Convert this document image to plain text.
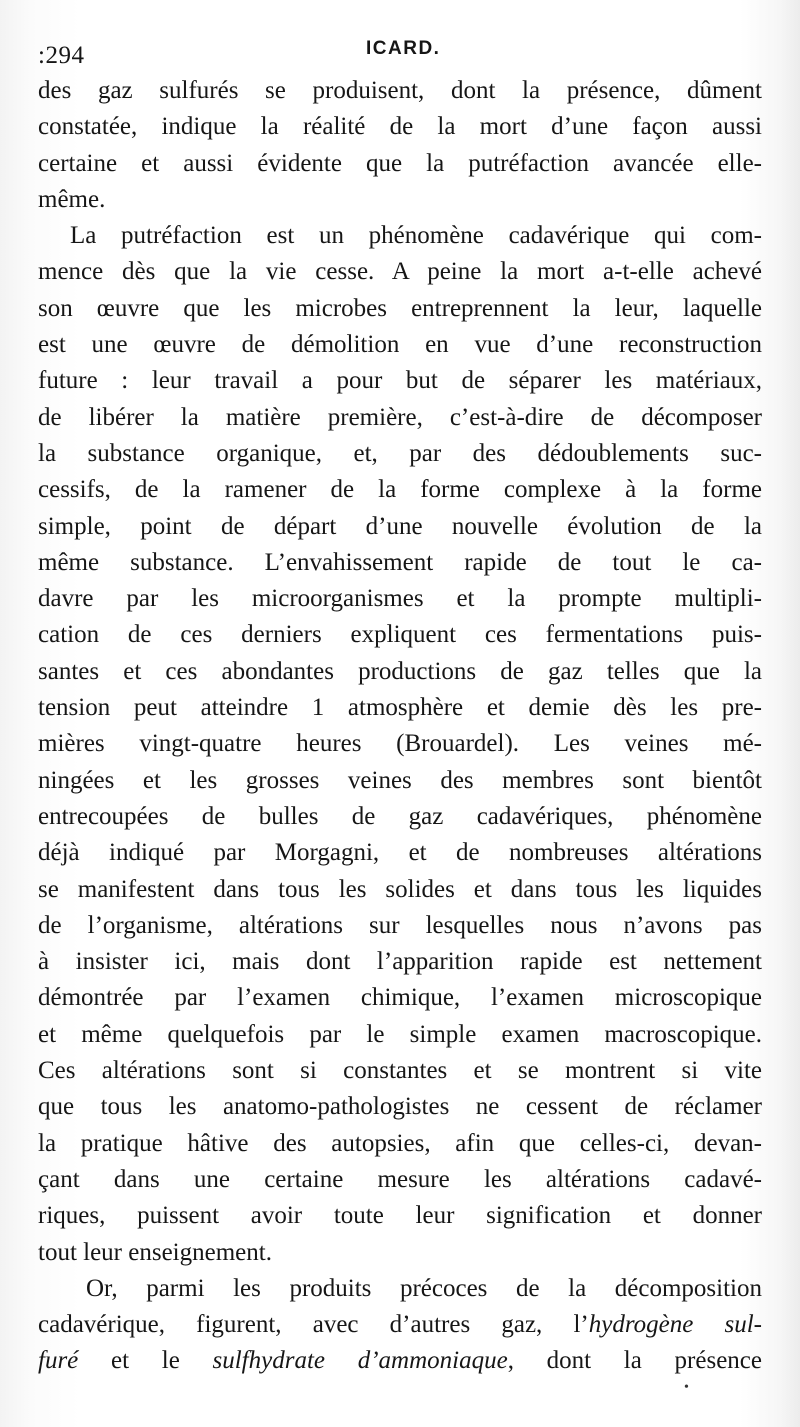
:294	ICARD.
des gaz sulfurés se produisent, dont la présence, dûment
constatée, indique la réalité de la mort d’une façon aussi
certaine et aussi évidente que la putréfaction avancée elle-
même.
La putréfaction est un phénomène cadavérique qui com-
mence dès que la vie cesse. A peine la mort a-t-elle achevé
son œuvre que les microbes entreprennent la leur, laquelle
est une œuvre de démolition en vue d’une reconstruction
future : leur travail a pour but de séparer les matériaux,
de libérer la matière première, c’est-à-dire de décomposer
la substance organique, et, par des dédoublements suc-
cessifs, de la ramener de la forme complexe à la forme
simple, point de départ d’une nouvelle évolution de la
même substance. L’envahissement rapide de tout le ca-
davre par les microorganismes et la prompte multipli-
cation de ces derniers expliquent ces fermentations puis-
santes et ces abondantes productions de gaz telles que la
tension peut atteindre 1 atmosphère et demie dès les pre-
mières vingt-quatre heures (Brouardel). Les veines mé-
ningées et les grosses veines des membres sont bientôt
entrecoupées de bulles de gaz cadavériques, phénomène
déjà indiqué par Morgagni, et de nombreuses altérations
se manifestent dans tous les solides et dans tous les liquides
de l’organisme, altérations sur lesquelles nous n’avons pas
à insister ici, mais dont l’apparition rapide est nettement
démontrée par l’examen chimique, l’examen microscopique
et même quelquefois par le simple examen macroscopique.
Ces altérations sont si constantes et se montrent si vite
que tous les anatomo-pathologistes ne cessent de réclamer
la pratique hâtive des autopsies, afin que celles-ci, devan-
çant dans une certaine mesure les altérations cadavé-
riques, puissent avoir toute leur signification et donner
tout leur enseignement.
Or, parmi les produits précoces de la décomposition
cadavérique, figurent, avec d’autres gaz, l’hydrogène sul-
furé et le sulfhydrate d’ammoniaque, dont la présence
•
